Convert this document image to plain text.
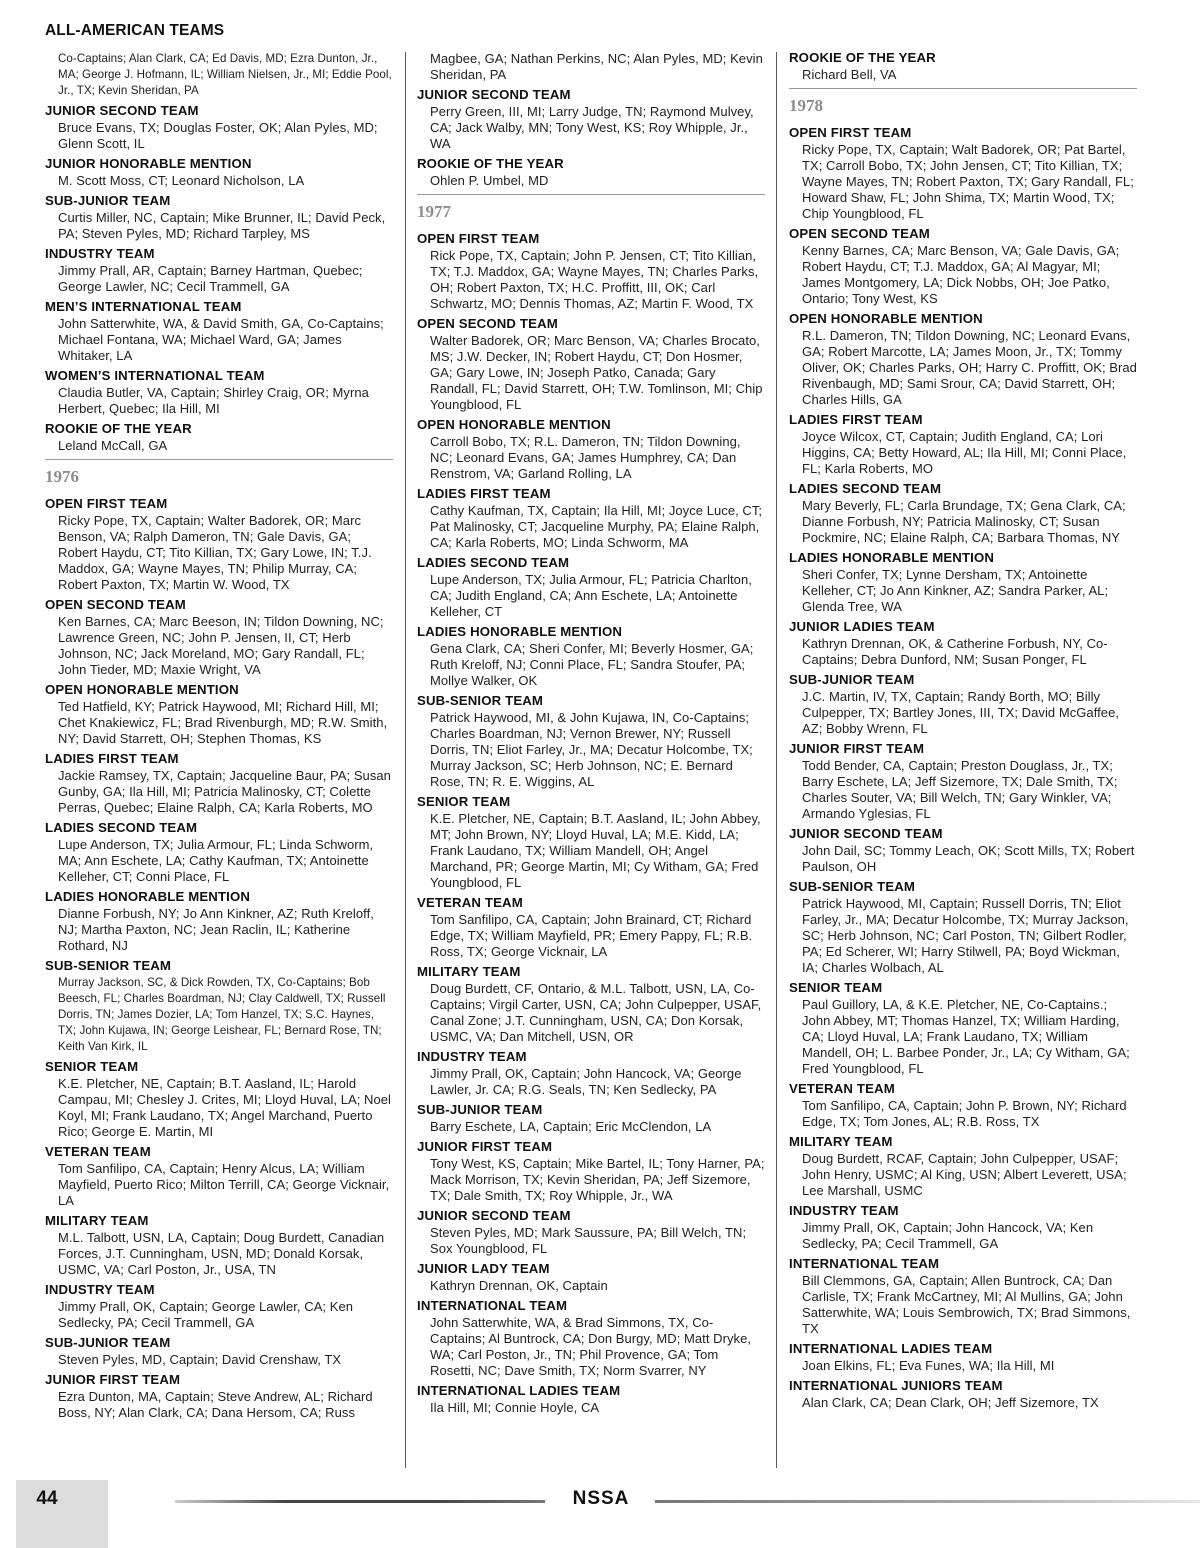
ALL-AMERICAN TEAMS
Co-Captains; Alan Clark, CA; Ed Davis, MD; Ezra Dunton, Jr., MA; George J. Hofmann, IL; William Nielsen, Jr., MI; Eddie Pool, Jr., TX; Kevin Sheridan, PA
JUNIOR SECOND TEAM
Bruce Evans, TX; Douglas Foster, OK; Alan Pyles, MD; Glenn Scott, IL
JUNIOR HONORABLE MENTION
M. Scott Moss, CT; Leonard Nicholson, LA
SUB-JUNIOR TEAM
Curtis Miller, NC, Captain; Mike Brunner, IL; David Peck, PA; Steven Pyles, MD; Richard Tarpley, MS
INDUSTRY TEAM
Jimmy Prall, AR, Captain; Barney Hartman, Quebec; George Lawler, NC; Cecil Trammell, GA
MEN’S INTERNATIONAL TEAM
John Satterwhite, WA, & David Smith, GA, Co-Captains; Michael Fontana, WA; Michael Ward, GA; James Whitaker, LA
WOMEN’S INTERNATIONAL TEAM
Claudia Butler, VA, Captain; Shirley Craig, OR; Myrna Herbert, Quebec; Ila Hill, MI
ROOKIE OF THE YEAR
Leland McCall, GA
1976
OPEN FIRST TEAM
Ricky Pope, TX, Captain; Walter Badorek, OR; Marc Benson, VA; Ralph Dameron, TN; Gale Davis, GA; Robert Haydu, CT; Tito Killian, TX; Gary Lowe, IN; T.J. Maddox, GA; Wayne Mayes, TN; Philip Murray, CA; Robert Paxton, TX; Martin W. Wood, TX
OPEN SECOND TEAM
Ken Barnes, CA; Marc Beeson, IN; Tildon Downing, NC; Lawrence Green, NC; John P. Jensen, II, CT; Herb Johnson, NC; Jack Moreland, MO; Gary Randall, FL; John Tieder, MD; Maxie Wright, VA
OPEN HONORABLE MENTION
Ted Hatfield, KY; Patrick Haywood, MI; Richard Hill, MI; Chet Knakiewicz, FL; Brad Rivenburgh, MD; R.W. Smith, NY; David Starrett, OH; Stephen Thomas, KS
LADIES FIRST TEAM
Jackie Ramsey, TX, Captain; Jacqueline Baur, PA; Susan Gunby, GA; Ila Hill, MI; Patricia Malinosky, CT; Colette Perras, Quebec; Elaine Ralph, CA; Karla Roberts, MO
LADIES SECOND TEAM
Lupe Anderson, TX; Julia Armour, FL; Linda Schworm, MA; Ann Eschete, LA; Cathy Kaufman, TX; Antoinette Kelleher, CT; Conni Place, FL
LADIES HONORABLE MENTION
Dianne Forbush, NY; Jo Ann Kinkner, AZ; Ruth Kreloff, NJ; Martha Paxton, NC; Jean Raclin, IL; Katherine Rothard, NJ
SUB-SENIOR TEAM
Murray Jackson, SC, & Dick Rowden, TX, Co-Captains; Bob Beesch, FL; Charles Boardman, NJ; Clay Caldwell, TX; Russell Dorris, TN; James Dozier, LA; Tom Hanzel, TX; S.C. Haynes, TX; John Kujawa, IN; George Leishear, FL; Bernard Rose, TN; Keith Van Kirk, IL
SENIOR TEAM
K.E. Pletcher, NE, Captain; B.T. Aasland, IL; Harold Campau, MI; Chesley J. Crites, MI; Lloyd Huval, LA; Noel Koyl, MI; Frank Laudano, TX; Angel Marchand, Puerto Rico; George E. Martin, MI
VETERAN TEAM
Tom Sanfilipo, CA, Captain; Henry Alcus, LA; William Mayfield, Puerto Rico; Milton Terrill, CA; George Vicknair, LA
MILITARY TEAM
M.L. Talbott, USN, LA, Captain; Doug Burdett, Canadian Forces, J.T. Cunningham, USN, MD; Donald Korsak, USMC, VA; Carl Poston, Jr., USA, TN
INDUSTRY TEAM
Jimmy Prall, OK, Captain; George Lawler, CA; Ken Sedlecky, PA; Cecil Trammell, GA
SUB-JUNIOR TEAM
Steven Pyles, MD, Captain; David Crenshaw, TX
JUNIOR FIRST TEAM
Ezra Dunton, MA, Captain; Steve Andrew, AL; Richard Boss, NY; Alan Clark, CA; Dana Hersom, CA; Russ
Magbee, GA; Nathan Perkins, NC; Alan Pyles, MD; Kevin Sheridan, PA
JUNIOR SECOND TEAM
Perry Green, III, MI; Larry Judge, TN; Raymond Mulvey, CA; Jack Walby, MN; Tony West, KS; Roy Whipple, Jr., WA
ROOKIE OF THE YEAR
Ohlen P. Umbel, MD
1977
OPEN FIRST TEAM
Rick Pope, TX, Captain; John P. Jensen, CT; Tito Killian, TX; T.J. Maddox, GA; Wayne Mayes, TN; Charles Parks, OH; Robert Paxton, TX; H.C. Proffitt, III, OK; Carl Schwartz, MO; Dennis Thomas, AZ; Martin F. Wood, TX
OPEN SECOND TEAM
Walter Badorek, OR; Marc Benson, VA; Charles Brocato, MS; J.W. Decker, IN; Robert Haydu, CT; Don Hosmer, GA; Gary Lowe, IN; Joseph Patko, Canada; Gary Randall, FL; David Starrett, OH; T.W. Tomlinson, MI; Chip Youngblood, FL
OPEN HONORABLE MENTION
Carroll Bobo, TX; R.L. Dameron, TN; Tildon Downing, NC; Leonard Evans, GA; James Humphrey, CA; Dan Renstrom, VA; Garland Rolling, LA
LADIES FIRST TEAM
Cathy Kaufman, TX, Captain; Ila Hill, MI; Joyce Luce, CT; Pat Malinosky, CT; Jacqueline Murphy, PA; Elaine Ralph, CA; Karla Roberts, MO; Linda Schworm, MA
LADIES SECOND TEAM
Lupe Anderson, TX; Julia Armour, FL; Patricia Charlton, CA; Judith England, CA; Ann Eschete, LA; Antoinette Kelleher, CT
LADIES HONORABLE MENTION
Gena Clark, CA; Sheri Confer, MI; Beverly Hosmer, GA; Ruth Kreloff, NJ; Conni Place, FL; Sandra Stoufer, PA; Mollye Walker, OK
SUB-SENIOR TEAM
Patrick Haywood, MI, & John Kujawa, IN, Co-Captains; Charles Boardman, NJ; Vernon Brewer, NY; Russell Dorris, TN; Eliot Farley, Jr., MA; Decatur Holcombe, TX; Murray Jackson, SC; Herb Johnson, NC; E. Bernard Rose, TN; R. E. Wiggins, AL
SENIOR TEAM
K.E. Pletcher, NE, Captain; B.T. Aasland, IL; John Abbey, MT; John Brown, NY; Lloyd Huval, LA; M.E. Kidd, LA; Frank Laudano, TX; William Mandell, OH; Angel Marchand, PR; George Martin, MI; Cy Witham, GA; Fred Youngblood, FL
VETERAN TEAM
Tom Sanfilipo, CA, Captain; John Brainard, CT; Richard Edge, TX; William Mayfield, PR; Emery Pappy, FL; R.B. Ross, TX; George Vicknair, LA
MILITARY TEAM
Doug Burdett, CF, Ontario, & M.L. Talbott, USN, LA, Co-Captains; Virgil Carter, USN, CA; John Culpepper, USAF, Canal Zone; J.T. Cunningham, USN, CA; Don Korsak, USMC, VA; Dan Mitchell, USN, OR
INDUSTRY TEAM
Jimmy Prall, OK, Captain; John Hancock, VA; George Lawler, Jr. CA; R.G. Seals, TN; Ken Sedlecky, PA
SUB-JUNIOR TEAM
Barry Eschete, LA, Captain; Eric McClendon, LA
JUNIOR FIRST TEAM
Tony West, KS, Captain; Mike Bartel, IL; Tony Harner, PA; Mack Morrison, TX; Kevin Sheridan, PA; Jeff Sizemore, TX; Dale Smith, TX; Roy Whipple, Jr., WA
JUNIOR SECOND TEAM
Steven Pyles, MD; Mark Saussure, PA; Bill Welch, TN; Sox Youngblood, FL
JUNIOR LADY TEAM
Kathryn Drennan, OK, Captain
INTERNATIONAL TEAM
John Satterwhite, WA, & Brad Simmons, TX, Co-Captains; Al Buntrock, CA; Don Burgy, MD; Matt Dryke, WA; Carl Poston, Jr., TN; Phil Provence, GA; Tom Rosetti, NC; Dave Smith, TX; Norm Svarrer, NY
INTERNATIONAL LADIES TEAM
Ila Hill, MI; Connie Hoyle, CA
ROOKIE OF THE YEAR
Richard Bell, VA
1978
OPEN FIRST TEAM
Ricky Pope, TX, Captain; Walt Badorek, OR; Pat Bartel, TX; Carroll Bobo, TX; John Jensen, CT; Tito Killian, TX; Wayne Mayes, TN; Robert Paxton, TX; Gary Randall, FL; Howard Shaw, FL; John Shima, TX; Martin Wood, TX; Chip Youngblood, FL
OPEN SECOND TEAM
Kenny Barnes, CA; Marc Benson, VA; Gale Davis, GA; Robert Haydu, CT; T.J. Maddox, GA; Al Magyar, MI; James Montgomery, LA; Dick Nobbs, OH; Joe Patko, Ontario; Tony West, KS
OPEN HONORABLE MENTION
R.L. Dameron, TN; Tildon Downing, NC; Leonard Evans, GA; Robert Marcotte, LA; James Moon, Jr., TX; Tommy Oliver, OK; Charles Parks, OH; Harry C. Proffitt, OK; Brad Rivenbaugh, MD; Sami Srour, CA; David Starrett, OH; Charles Hills, GA
LADIES FIRST TEAM
Joyce Wilcox, CT, Captain; Judith England, CA; Lori Higgins, CA; Betty Howard, AL; Ila Hill, MI; Conni Place, FL; Karla Roberts, MO
LADIES SECOND TEAM
Mary Beverly, FL; Carla Brundage, TX; Gena Clark, CA; Dianne Forbush, NY; Patricia Malinosky, CT; Susan Pockmire, NC; Elaine Ralph, CA; Barbara Thomas, NY
LADIES HONORABLE MENTION
Sheri Confer, TX; Lynne Dersham, TX; Antoinette Kelleher, CT; Jo Ann Kinkner, AZ; Sandra Parker, AL; Glenda Tree, WA
JUNIOR LADIES TEAM
Kathryn Drennan, OK, & Catherine Forbush, NY, Co-Captains; Debra Dunford, NM; Susan Ponger, FL
SUB-JUNIOR TEAM
J.C. Martin, IV, TX, Captain; Randy Borth, MO; Billy Culpepper, TX; Bartley Jones, III, TX; David McGaffee, AZ; Bobby Wrenn, FL
JUNIOR FIRST TEAM
Todd Bender, CA, Captain; Preston Douglass, Jr., TX; Barry Eschete, LA; Jeff Sizemore, TX; Dale Smith, TX; Charles Souter, VA; Bill Welch, TN; Gary Winkler, VA; Armando Yglesias, FL
JUNIOR SECOND TEAM
John Dail, SC; Tommy Leach, OK; Scott Mills, TX; Robert Paulson, OH
SUB-SENIOR TEAM
Patrick Haywood, MI, Captain; Russell Dorris, TN; Eliot Farley, Jr., MA; Decatur Holcombe, TX; Murray Jackson, SC; Herb Johnson, NC; Carl Poston, TN; Gilbert Rodler, PA; Ed Scherer, WI; Harry Stilwell, PA; Boyd Wickman, IA; Charles Wolbach, AL
SENIOR TEAM
Paul Guillory, LA, & K.E. Pletcher, NE, Co-Captains.; John Abbey, MT; Thomas Hanzel, TX; William Harding, CA; Lloyd Huval, LA; Frank Laudano, TX; William Mandell, OH; L. Barbee Ponder, Jr., LA; Cy Witham, GA; Fred Youngblood, FL
VETERAN TEAM
Tom Sanfilipo, CA, Captain; John P. Brown, NY; Richard Edge, TX; Tom Jones, AL; R.B. Ross, TX
MILITARY TEAM
Doug Burdett, RCAF, Captain; John Culpepper, USAF; John Henry, USMC; Al King, USN; Albert Leverett, USA; Lee Marshall, USMC
INDUSTRY TEAM
Jimmy Prall, OK, Captain; John Hancock, VA; Ken Sedlecky, PA; Cecil Trammell, GA
INTERNATIONAL TEAM
Bill Clemmons, GA, Captain; Allen Buntrock, CA; Dan Carlisle, TX; Frank McCartney, MI; Al Mullins, GA; John Satterwhite, WA; Louis Sembrowich, TX; Brad Simmons, TX
INTERNATIONAL LADIES TEAM
Joan Elkins, FL; Eva Funes, WA; Ila Hill, MI
INTERNATIONAL JUNIORS TEAM
Alan Clark, CA; Dean Clark, OH; Jeff Sizemore, TX
44	NSSA
